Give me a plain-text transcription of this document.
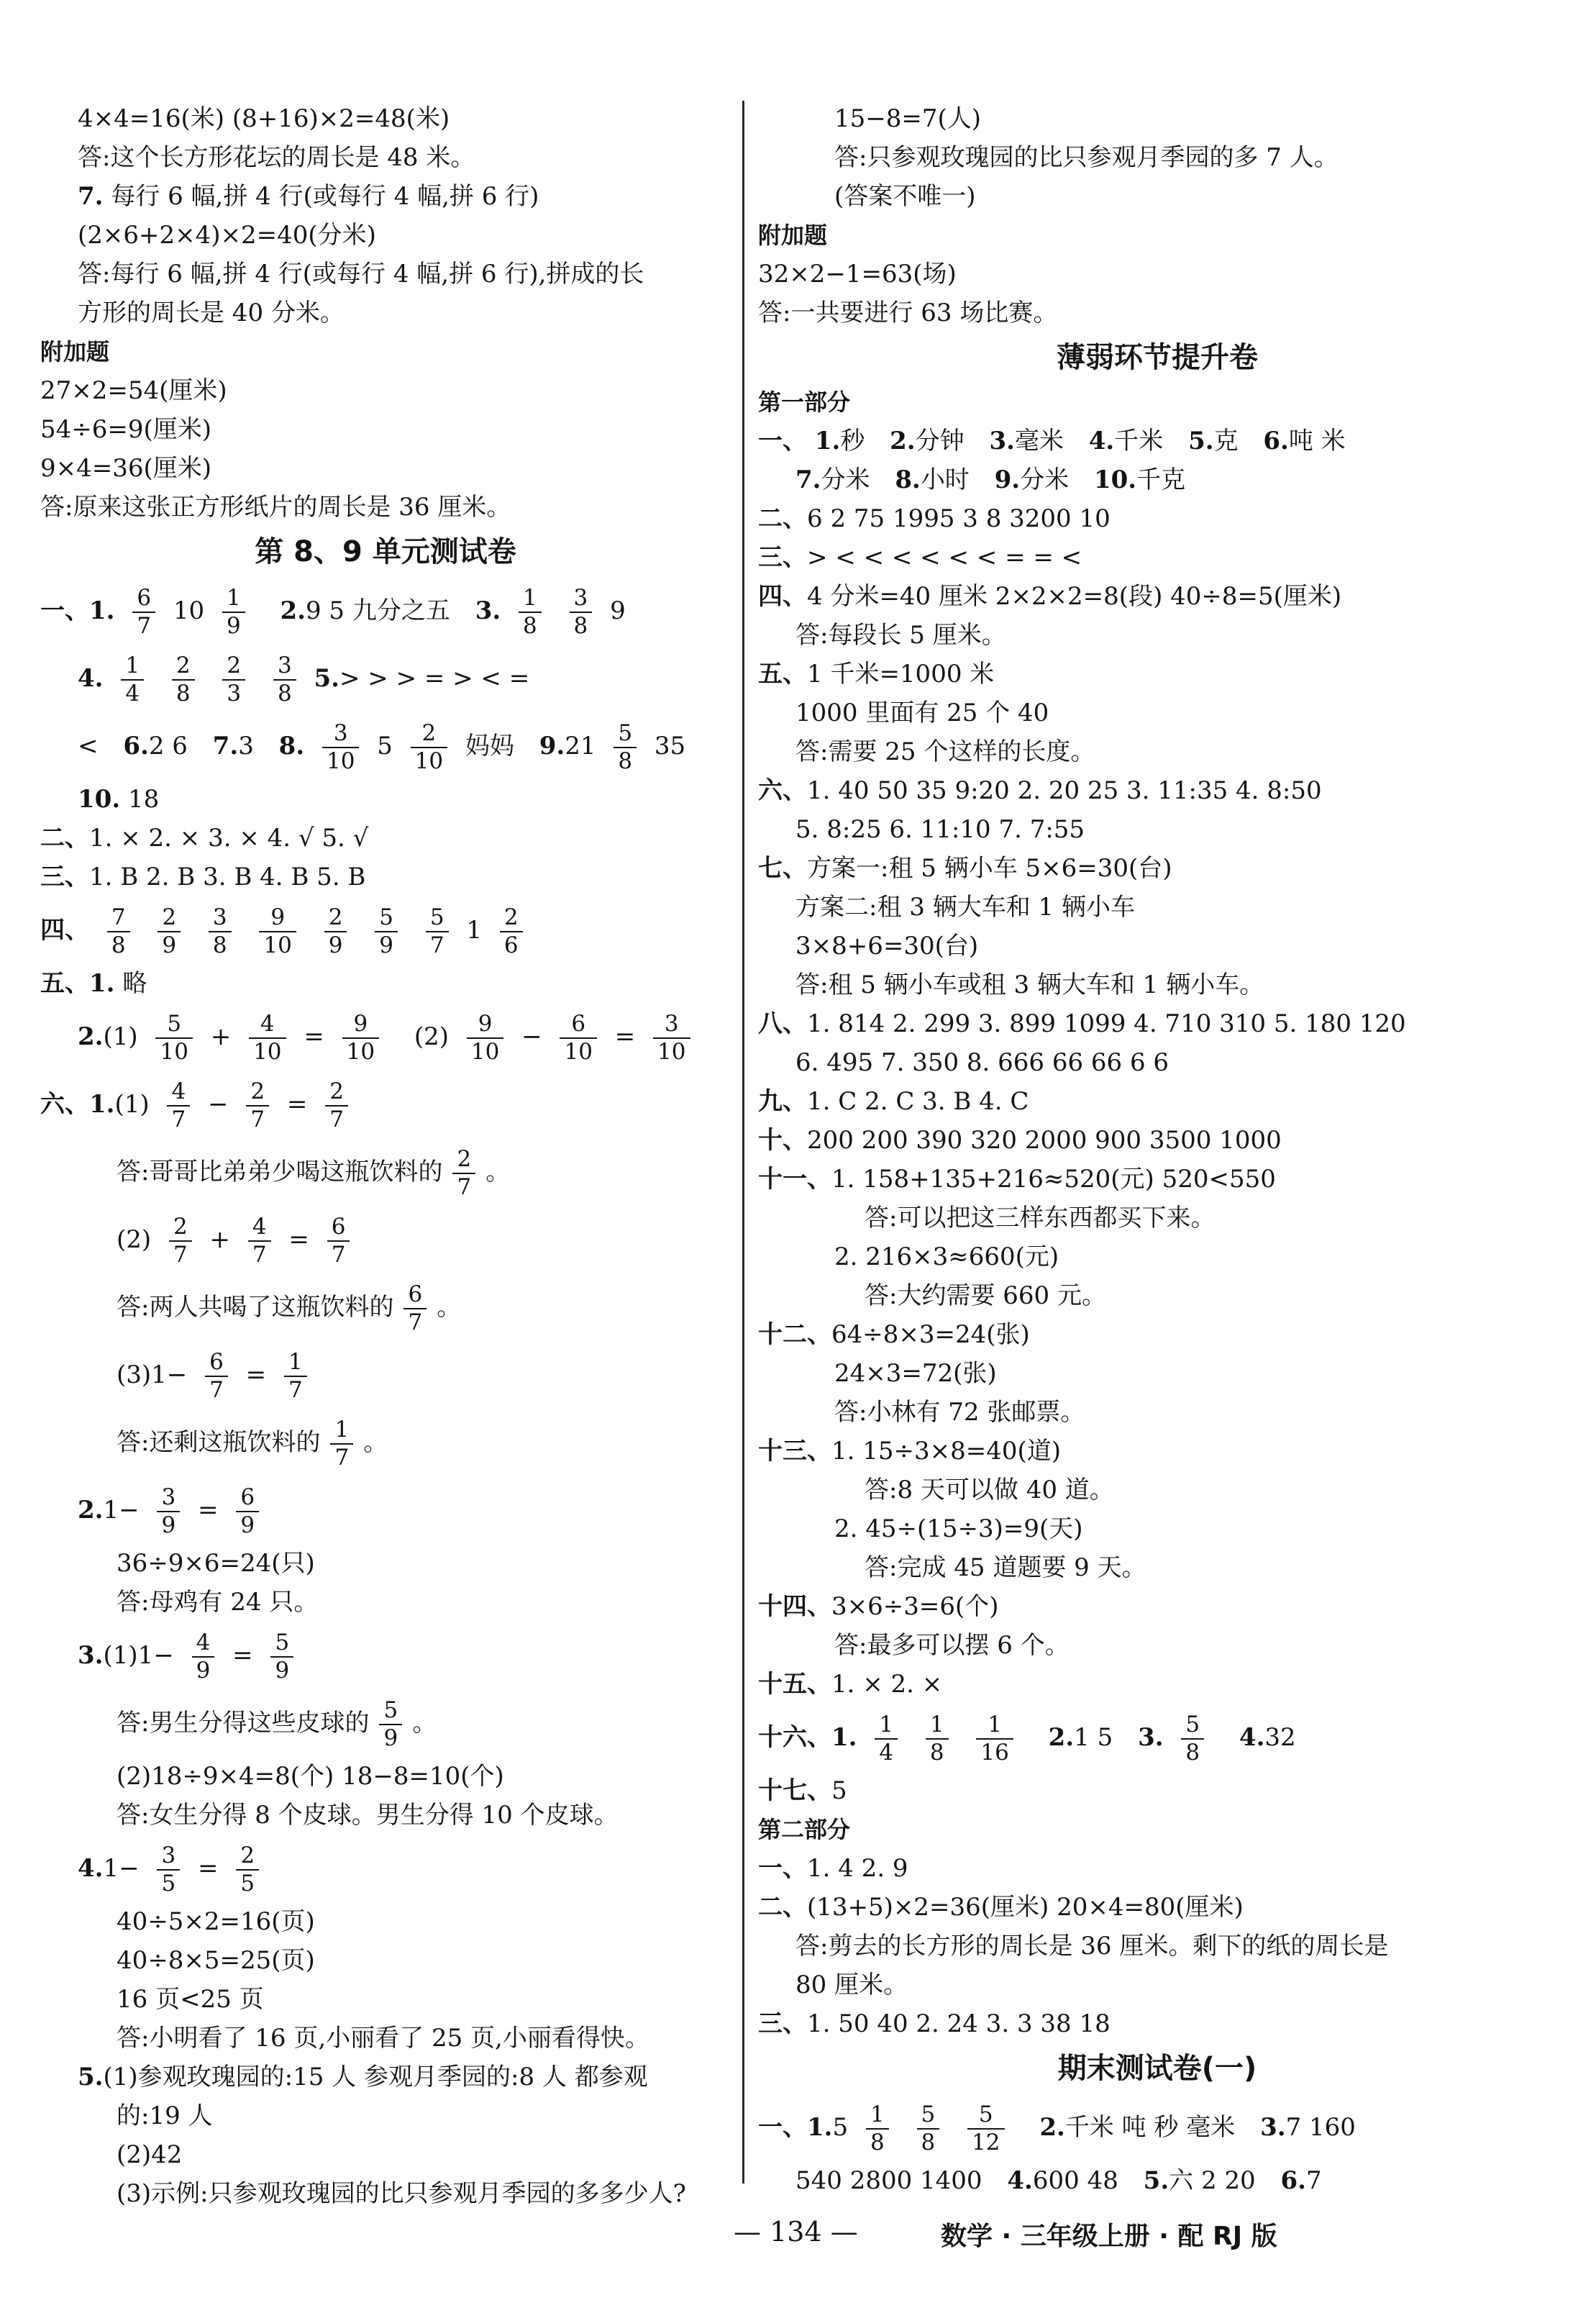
4×4=16(米) (8+16)×2=48(米)
答:这个长方形花坛的周长是 48 米。
7. 每行 6 幅,拼 4 行(或每行 4 幅,拼 6 行)
(2×6+2×4)×2=40(分米)
答:每行 6 幅,拼 4 行(或每行 4 幅,拼 6 行),拼成的长
方形的周长是 40 分米。
附加题
27×2=54(厘米)
54÷6=9(厘米)
9×4=36(厘米)
答:原来这张正方形纸片的周长是 36 厘米。
第 8、9 单元测试卷
一、1. $\frac{6}{7} 10 \frac{1}{9} 2.9$ 5 九分之五 3. $\frac{1}{8}$
$\frac{3}{8} 9$
4. $\frac{1}{4}$
$\frac{2}{8}$
$\frac{2}{3}$
$\frac{3}{8} 5.>$ > > = > < =
< 6.2 6 7.3 8. $\frac{3}{10} 5 \frac{2}{10}$ 妈妈 $9.21 \frac{5}{8} 35$
10. 18
二、1. × 2. × 3. × 4. √ 5. √
三、1. B 2. B 3. B 4. B 5. B
四、 $\frac{7}{8}$
$\frac{2}{9}$
$\frac{3}{8}$
$\frac{9}{10}$
$\frac{2}{9}$
$\frac{5}{9}$
$\frac{5}{7} 1 \frac{2}{6}$
五、1. 略
$2.(1) \frac{5}{10} + \frac{4}{10} = \frac{9}{10} (2) \frac{9}{10} - \frac{6}{10} = \frac{3}{10}$
六、$1.(1) \frac{4}{7} - \frac{2}{7} = \frac{2}{7}$
答:哥哥比弟弟少喝这瓶饮料的 $\frac{2}{7}$ 。
$(2) \frac{2}{7} + \frac{4}{7} = \frac{6}{7}$
答:两人共喝了这瓶饮料的 $\frac{6}{7}$ 。
$(3)1- \frac{6}{7} = \frac{1}{7}$
答:还剩这瓶饮料的 $\frac{1}{7}$ 。
$2.1- \frac{3}{9} = \frac{6}{9}$
36÷9×6=24(只)
答:母鸡有 24 只。
$3.(1)1- \frac{4}{9} = \frac{5}{9}$
答:男生分得这些皮球的 $\frac{5}{9}$ 。
(2)18÷9×4=8(个) 18−8=10(个)
答:女生分得 8 个皮球。男生分得 10 个皮球。
$4.1- \frac{3}{5} = \frac{2}{5}$
40÷5×2=16(页)
40÷8×5=25(页)
16 页<25 页
答:小明看了 16 页,小丽看了 25 页,小丽看得快。
5.(1)参观玫瑰园的:15 人 参观月季园的:8 人 都参观
的:19 人
(2)42
(3)示例:只参观玫瑰园的比只参观月季园的多多少人?
15−8=7(人)
答:只参观玫瑰园的比只参观月季园的多 7 人。
(答案不唯一)
附加题
32×2−1=63(场)
答:一共要进行 63 场比赛。
薄弱环节提升卷
第一部分
一、 1.秒 2.分钟 3.毫米 4.千米 5.克 6.吨 米
7.分米 8.小时 9.分米 10.千克
二、6 2 75 1995 3 8 3200 10
三、> < < < < < < = = <
四、4 分米=40 厘米 2×2×2=8(段) 40÷8=5(厘米)
答:每段长 5 厘米。
五、1 千米=1000 米
1000 里面有 25 个 40
答:需要 25 个这样的长度。
六、1. 40 50 35 9:20 2. 20 25 3. 11:35 4. 8:50
5. 8:25 6. 11:10 7. 7:55
七、方案一:租 5 辆小车 5×6=30(台)
方案二:租 3 辆大车和 1 辆小车
3×8+6=30(台)
答:租 5 辆小车或租 3 辆大车和 1 辆小车。
八、1. 814 2. 299 3. 899 1099 4. 710 310 5. 180 120
6. 495 7. 350 8. 666 66 66 6 6
九、1. C 2. C 3. B 4. C
十、200 200 390 320 2000 900 3500 1000
十一、1. 158+135+216≈520(元) 520<550
答:可以把这三样东西都买下来。
2. 216×3≈660(元)
答:大约需要 660 元。
十二、64÷8×3=24(张)
24×3=72(张)
答:小林有 72 张邮票。
十三、1. 15÷3×8=40(道)
答:8 天可以做 40 道。
2. 45÷(15÷3)=9(天)
答:完成 45 道题要 9 天。
十四、3×6÷3=6(个)
答:最多可以摆 6 个。
十五、1. × 2. ×
十六、1. $\frac{1}{4}$
$\frac{1}{8}$
$\frac{1}{16} 2.1$ 5 3. $\frac{5}{8} 4.32$
十七、5
第二部分
一、1. 4 2. 9
二、(13+5)×2=36(厘米) 20×4=80(厘米)
答:剪去的长方形的周长是 36 厘米。剩下的纸的周长是
80 厘米。
三、1. 50 40 2. 24 3. 3 38 18
期末测试卷(一)
一、$1.5 \frac{1}{8}$
$\frac{5}{8}$
$\frac{5}{12} 2$.千米 吨 秒 毫米 3.7 160
540 2800 1400 4.600 48 5.六 2 20 6.7
— 134 —	数学 · 三年级上册 · 配 RJ 版
